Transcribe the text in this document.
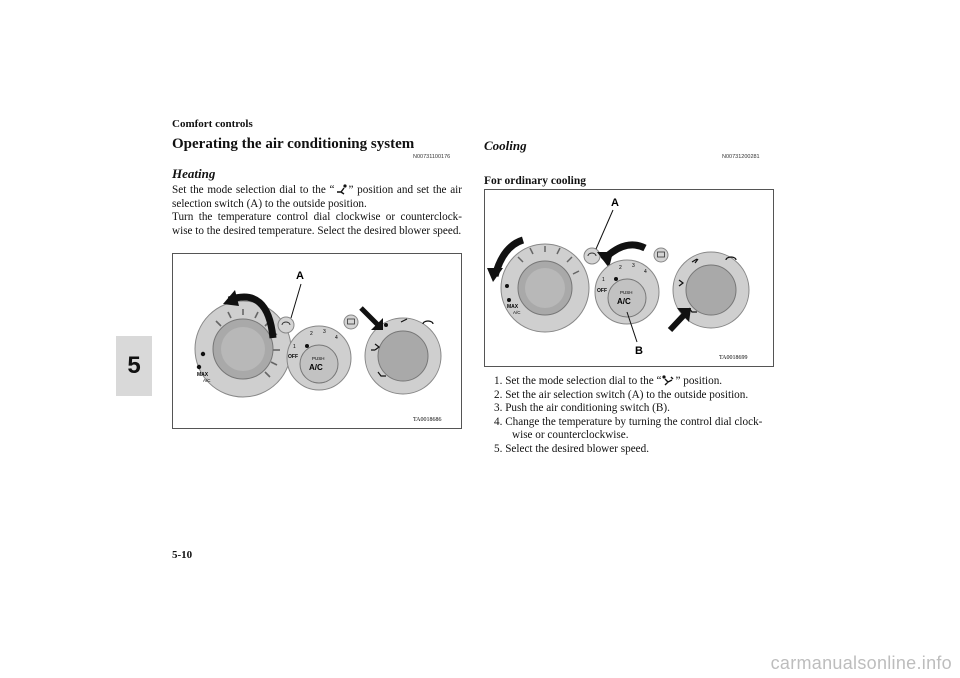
Comfort controls
5
Operating the air conditioning system
N00731100176
Heating

Set the mode selection dial to the “ ” position and set the air selection switch (A) to the outside position.

Turn the temperature control dial clockwise or counterclock-wise to the desired temperature. Select the desired blower speed.

MAX
A/C
1
2 3
4
OFF	PUSH
A/C
A
TA0018686
Cooling
N00731200281
For ordinary cooling
MAX
A/C
A
1
2 3
4
OFF	PUSH
A/C
B
TA0018699
1. Set the mode selection dial to the “ ” position.
2. Set the air selection switch (A) to the outside position.
3. Push the air conditioning switch (B).
4. Change the temperature by turning the control dial clock-wise or counterclockwise.
5. Select the desired blower speed.
5-10
carmanualsonline.info
